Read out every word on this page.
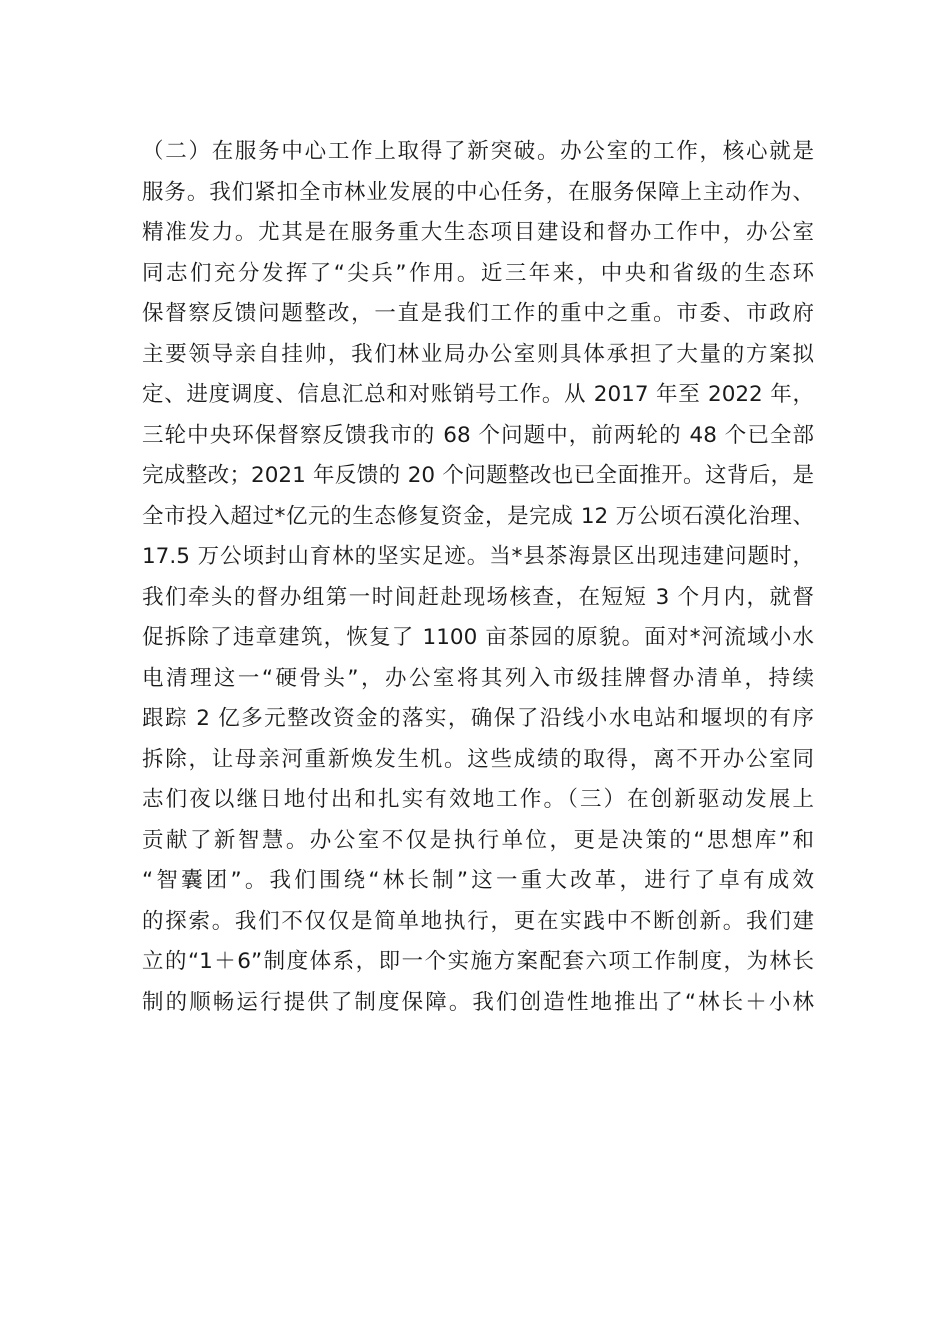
（二）在服务中心工作上取得了新突破。办公室的工作，核心就是
服务。我们紧扣全市林业发展的中心任务，在服务保障上主动作为、
精准发力。尤其是在服务重大生态项目建设和督办工作中，办公室
同志们充分发挥了“尖兵”作用。近三年来，中央和省级的生态环
保督察反馈问题整改，一直是我们工作的重中之重。市委、市政府
主要领导亲自挂帅，我们林业局办公室则具体承担了大量的方案拟
定、进度调度、信息汇总和对账销号工作。从 2017 年至 2022 年，
三轮中央环保督察反馈我市的 68 个问题中，前两轮的 48 个已全部
完成整改；2021 年反馈的 20 个问题整改也已全面推开。这背后，是
全市投入超过*亿元的生态修复资金，是完成 12 万公顷石漠化治理、
17.5 万公顷封山育林的坚实足迹。当*县茶海景区出现违建问题时，
我们牵头的督办组第一时间赶赴现场核查，在短短 3 个月内，就督
促拆除了违章建筑，恢复了 1100 亩茶园的原貌。面对*河流域小水
电清理这一“硬骨头”，办公室将其列入市级挂牌督办清单，持续
跟踪 2 亿多元整改资金的落实，确保了沿线小水电站和堰坝的有序
拆除，让母亲河重新焕发生机。这些成绩的取得，离不开办公室同
志们夜以继日地付出和扎实有效地工作。（三）在创新驱动发展上
贡献了新智慧。办公室不仅是执行单位，更是决策的“思想库”和
“智囊团”。我们围绕“林长制”这一重大改革，进行了卓有成效
的探索。我们不仅仅是简单地执行，更在实践中不断创新。我们建
立的“1＋6”制度体系，即一个实施方案配套六项工作制度，为林长
制的顺畅运行提供了制度保障。我们创造性地推出了“林长＋小林
